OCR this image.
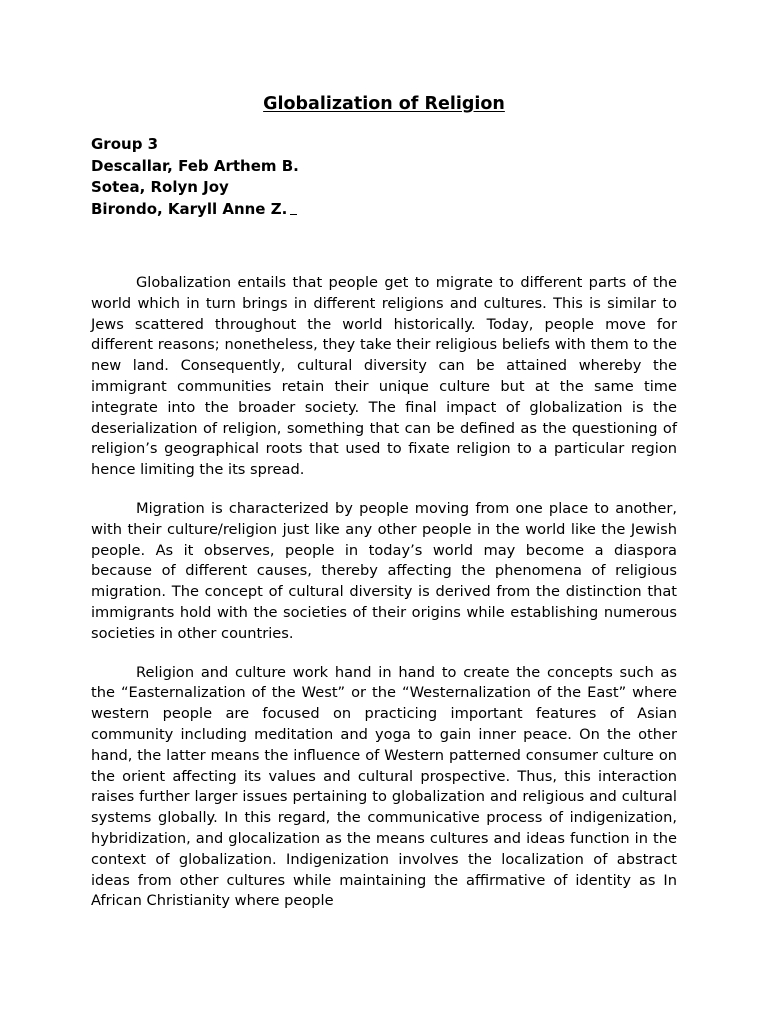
Globalization of Religion
Group 3
Descallar, Feb Arthem B.
Sotea, Rolyn Joy
Birondo, Karyll Anne Z.

Globalization entails that people get to migrate to different parts of the world which in turn brings in different religions and cultures. This is similar to Jews scattered throughout the world historically. Today, people move for different reasons; nonetheless, they take their religious beliefs with them to the new land. Consequently, cultural diversity can be attained whereby the immigrant communities retain their unique culture but at the same time integrate into the broader society. The final impact of globalization is the deserialization of religion, something that can be defined as the questioning of religion’s geographical roots that used to fixate religion to a particular region hence limiting the its spread.

Migration is characterized by people moving from one place to another, with their culture/religion just like any other people in the world like the Jewish people. As it observes, people in today’s world may become a diaspora because of different causes, thereby affecting the phenomena of religious migration. The concept of cultural diversity is derived from the distinction that immigrants hold with the societies of their origins while establishing numerous societies in other countries.

Religion and culture work hand in hand to create the concepts such as the “Easternalization of the West” or the “Westernalization of the East” where western people are focused on practicing important features of Asian community including meditation and yoga to gain inner peace. On the other hand, the latter means the influence of Western patterned consumer culture on the orient affecting its values and cultural prospective. Thus, this interaction raises further larger issues pertaining to globalization and religious and cultural systems globally. In this regard, the communicative process of indigenization, hybridization, and glocalization as the means cultures and ideas function in the context of globalization. Indigenization involves the localization of abstract ideas from other cultures while maintaining the affirmative of identity as In African Christianity where people
